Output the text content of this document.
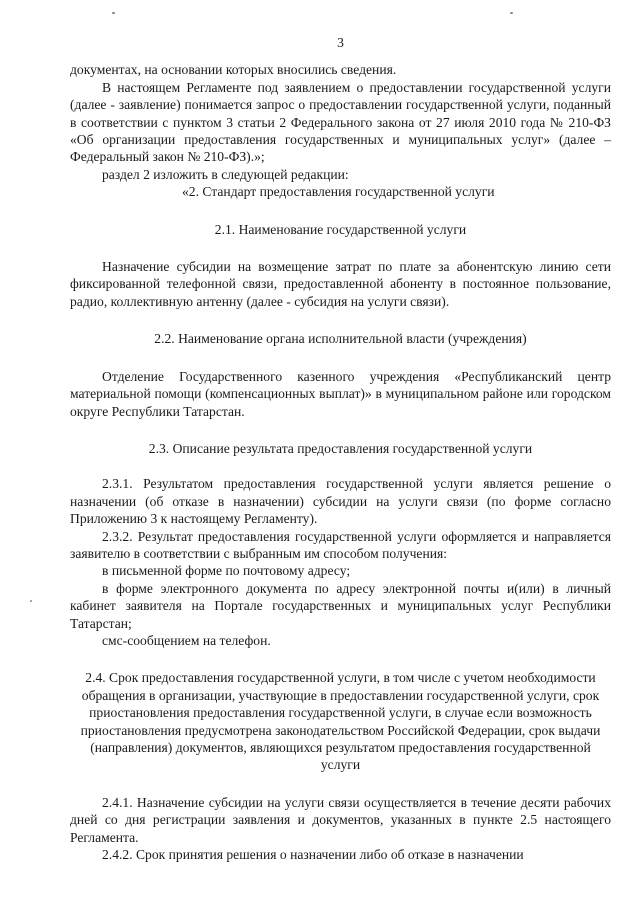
3

документах, на основании которых вносились сведения.

В настоящем Регламенте под заявлением о предоставлении государственной услуги (далее - заявление) понимается запрос о предоставлении государственной услуги, поданный в соответствии с пунктом 3 статьи 2 Федерального закона от 27 июля 2010 года № 210-ФЗ «Об организации предоставления государственных и муниципальных услуг» (далее – Федеральный закон № 210-ФЗ).»;

раздел 2 изложить в следующей редакции:

«2. Стандарт предоставления государственной услуги

2.1. Наименование государственной услуги

Назначение субсидии на возмещение затрат по плате за абонентскую линию сети фиксированной телефонной связи, предоставленной абоненту в постоянное пользование, радио, коллективную антенну (далее - субсидия на услуги связи).

2.2. Наименование органа исполнительной власти (учреждения)

Отделение Государственного казенного учреждения «Республиканский центр материальной помощи (компенсационных выплат)» в муниципальном районе или городском округе Республики Татарстан.

2.3. Описание результата предоставления государственной услуги

2.3.1. Результатом предоставления государственной услуги является решение о назначении (об отказе в назначении) субсидии на услуги связи (по форме согласно Приложению 3 к настоящему Регламенту).

2.3.2. Результат предоставления государственной услуги оформляется и направляется заявителю в соответствии с выбранным им способом получения:

в письменной форме по почтовому адресу;

в форме электронного документа по адресу электронной почты и(или) в личный кабинет заявителя на Портале государственных и муниципальных услуг Республики Татарстан;

смс-сообщением на телефон.

2.4. Срок предоставления государственной услуги, в том числе с учетом необходимости обращения в организации, участвующие в предоставлении государственной услуги, срок приостановления предоставления государственной услуги, в случае если возможность приостановления предусмотрена законодательством Российской Федерации, срок выдачи (направления) документов, являющихся результатом предоставления государственной услуги

2.4.1. Назначение субсидии на услуги связи осуществляется в течение десяти рабочих дней со дня регистрации заявления и документов, указанных в пункте 2.5 настоящего Регламента.

2.4.2. Срок принятия решения о назначении либо об отказе в назначении
